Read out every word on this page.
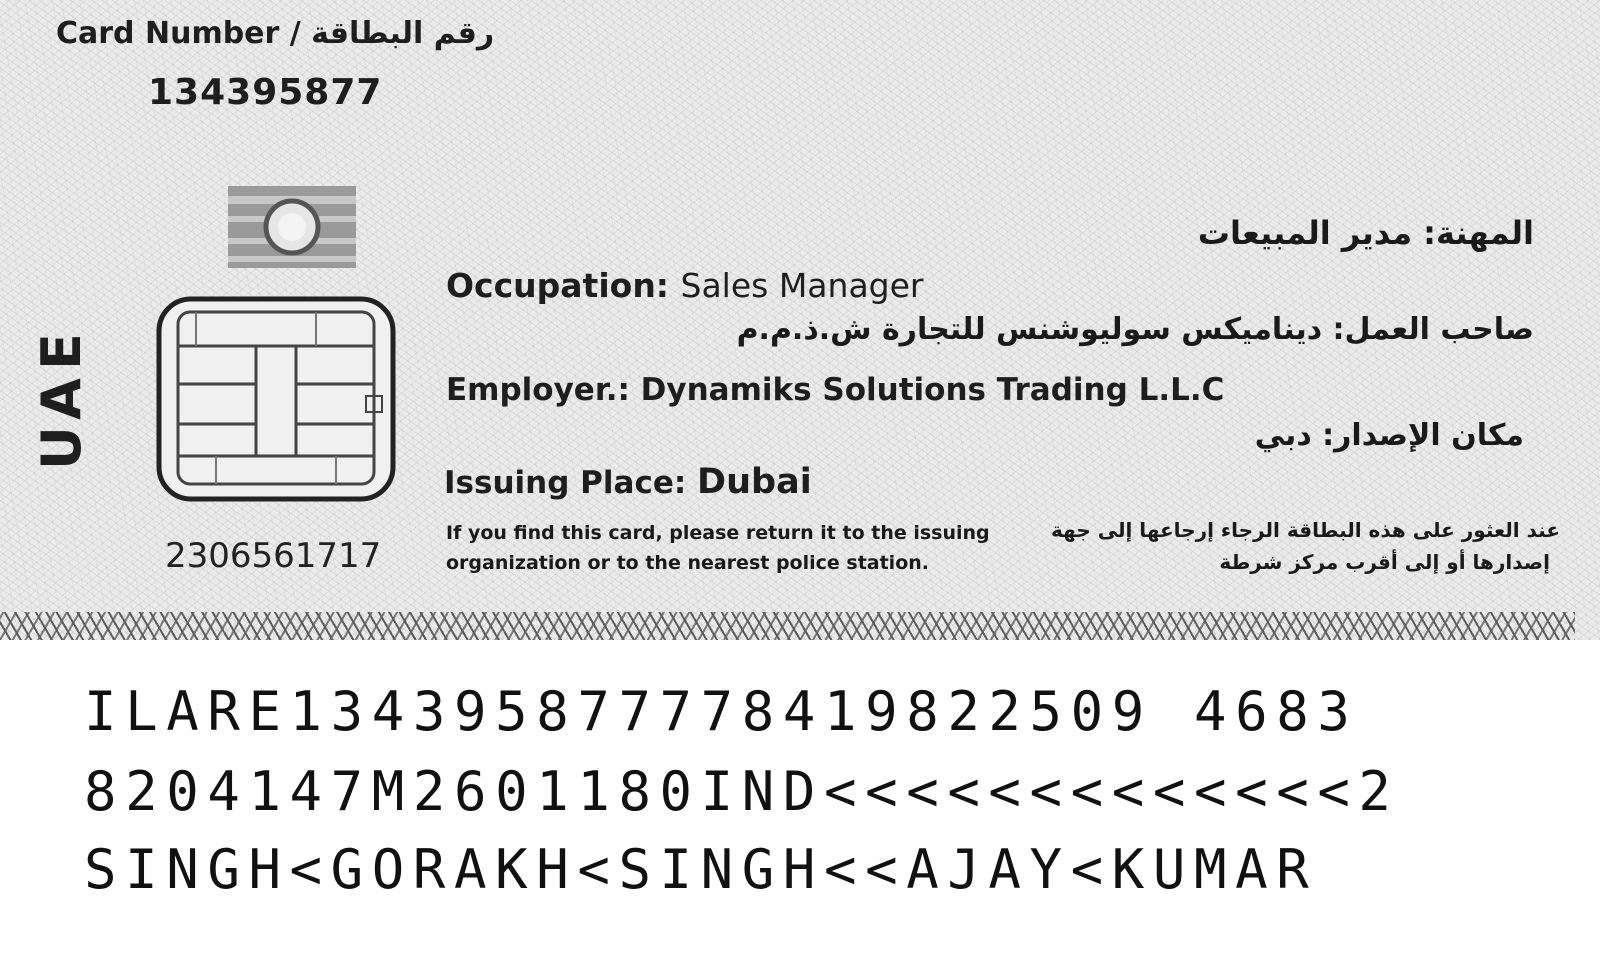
Card Number / رقم البطاقة
134395877
UAE
2306561717
المهنة: مدير المبيعات
Occupation: Sales Manager
صاحب العمل: ديناميكس سوليوشنس للتجارة ش.ذ.م.م
Employer.: Dynamiks Solutions Trading L.L.C
مكان الإصدار: دبي
Issuing Place: Dubai
If you find this card, please return it to the issuing
organization or to the nearest police station.
عند العثور على هذه البطاقة الرجاء إرجاعها إلى جهة
إصدارها أو إلى أقرب مركز شرطة
ILARE134395877778419822509 4683
8204147M2601180IND<<<<<<<<<<<<<2
SINGH<GORAKH<SINGH<<AJAY<KUMAR
